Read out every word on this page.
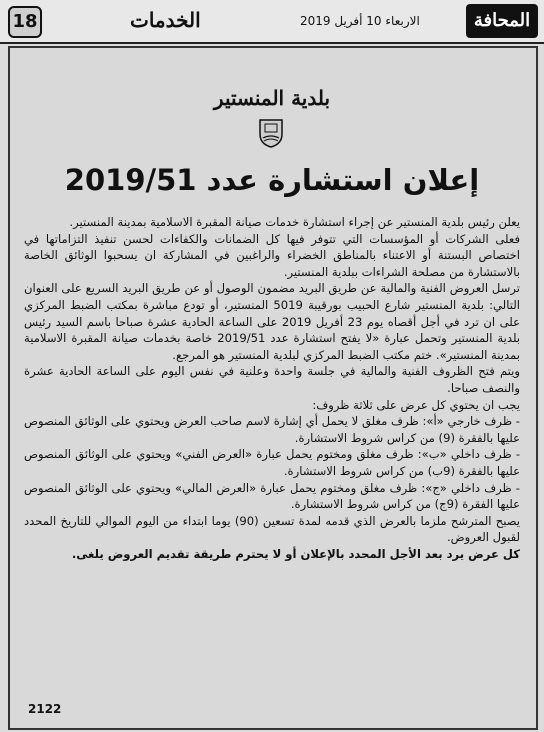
18	الخدمات	الاربعاء 10 أفريل 2019	المحافة
بلدية المنستير
إعلان استشارة عدد 2019/51

يعلن رئيس بلدية المنستير عن إجراء استشارة خدمات صيانة المقبرة الاسلامية بمدينة المنستير.

فعلى الشركات أو المؤسسات التي تتوفر فيها كل الضمانات والكفاءات لحسن تنفيذ التزاماتها في اختصاص البستنة أو الاعتناء بالمناطق الخضراء والراغبين في المشاركة ان يسحبوا الوثائق الخاصة بالاستشارة من مصلحة الشراءات ببلدية المنستير.

ترسل العروض الفنية والمالية عن طريق البريد مضمون الوصول أو عن طريق البريد السريع على العنوان التالي: بلدية المنستير شارع الحبيب بورقيبة 5019 المنستير، أو تودع مباشرة بمكتب الضبط المركزي على ان ترد في أجل أقصاه يوم 23 أفريل 2019 على الساعة الحادية عشرة صباحا باسم السيد رئيس بلدية المنستير وتحمل عبارة «لا يفتح استشارة عدد 2019/51 خاصة بخدمات صيانة المقبرة الاسلامية بمدينة المنستير». ختم مكتب الضبط المركزي لبلدية المنستير هو المرجع.

ويتم فتح الظروف الفنية والمالية في جلسة واحدة وعلنية في نفس اليوم على الساعة الحادية عشرة والنصف صباحا.

يجب ان يحتوي كل عرض على ثلاثة ظروف:

- ظرف خارجي «أ»: ظرف مغلق لا يحمل أي إشارة لاسم صاحب العرض ويحتوي على الوثائق المنصوص عليها بالفقرة (9) من كراس شروط الاستشارة.

- ظرف داخلي «ب»: ظرف مغلق ومختوم يحمل عبارة «العرض الفني» ويحتوي على الوثائق المنصوص عليها بالفقرة (9ب) من كراس شروط الاستشارة.

- ظرف داخلي «ج»: ظرف مغلق ومختوم يحمل عبارة «العرض المالي» ويحتوي على الوثائق المنصوص عليها الفقرة (9ج) من كراس شروط الاستشارة.

يصبح المترشح ملزما بالعرض الذي قدمه لمدة تسعين (90) يوما ابتداء من اليوم الموالي للتاريخ المحدد لقبول العروض.

كل عرض يرد بعد الأجل المحدد بالإعلان أو لا يحترم طريقة تقديم العروض يلغى.

2122
